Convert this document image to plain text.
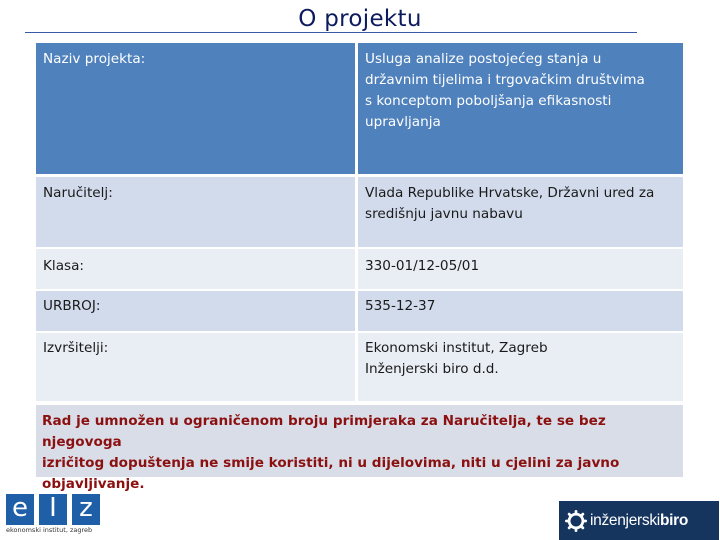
O projektu
Naziv projekta:	Usluga analize postojećeg stanja u
državnim tijelima i trgovačkim društvima
s konceptom poboljšanja efikasnosti
upravljanja

Naručitelj:	Vlada Republike Hrvatske, Državni ured za
središnju javnu nabavu

Klasa:	330-01/12-05/01

URBROJ:	535-12-37

Izvršitelji:	Ekonomski institut, Zagreb
Inženjerski biro d.d.
Rad je umnožen u ograničenom broju primjeraka za Naručitelja, te se bez njegovoga
izričitog dopuštenja ne smije koristiti, ni u dijelovima, niti u cjelini za javno
objavljivanje.
e I z
ekonomski institut, zagreb
inženjerskibiro
